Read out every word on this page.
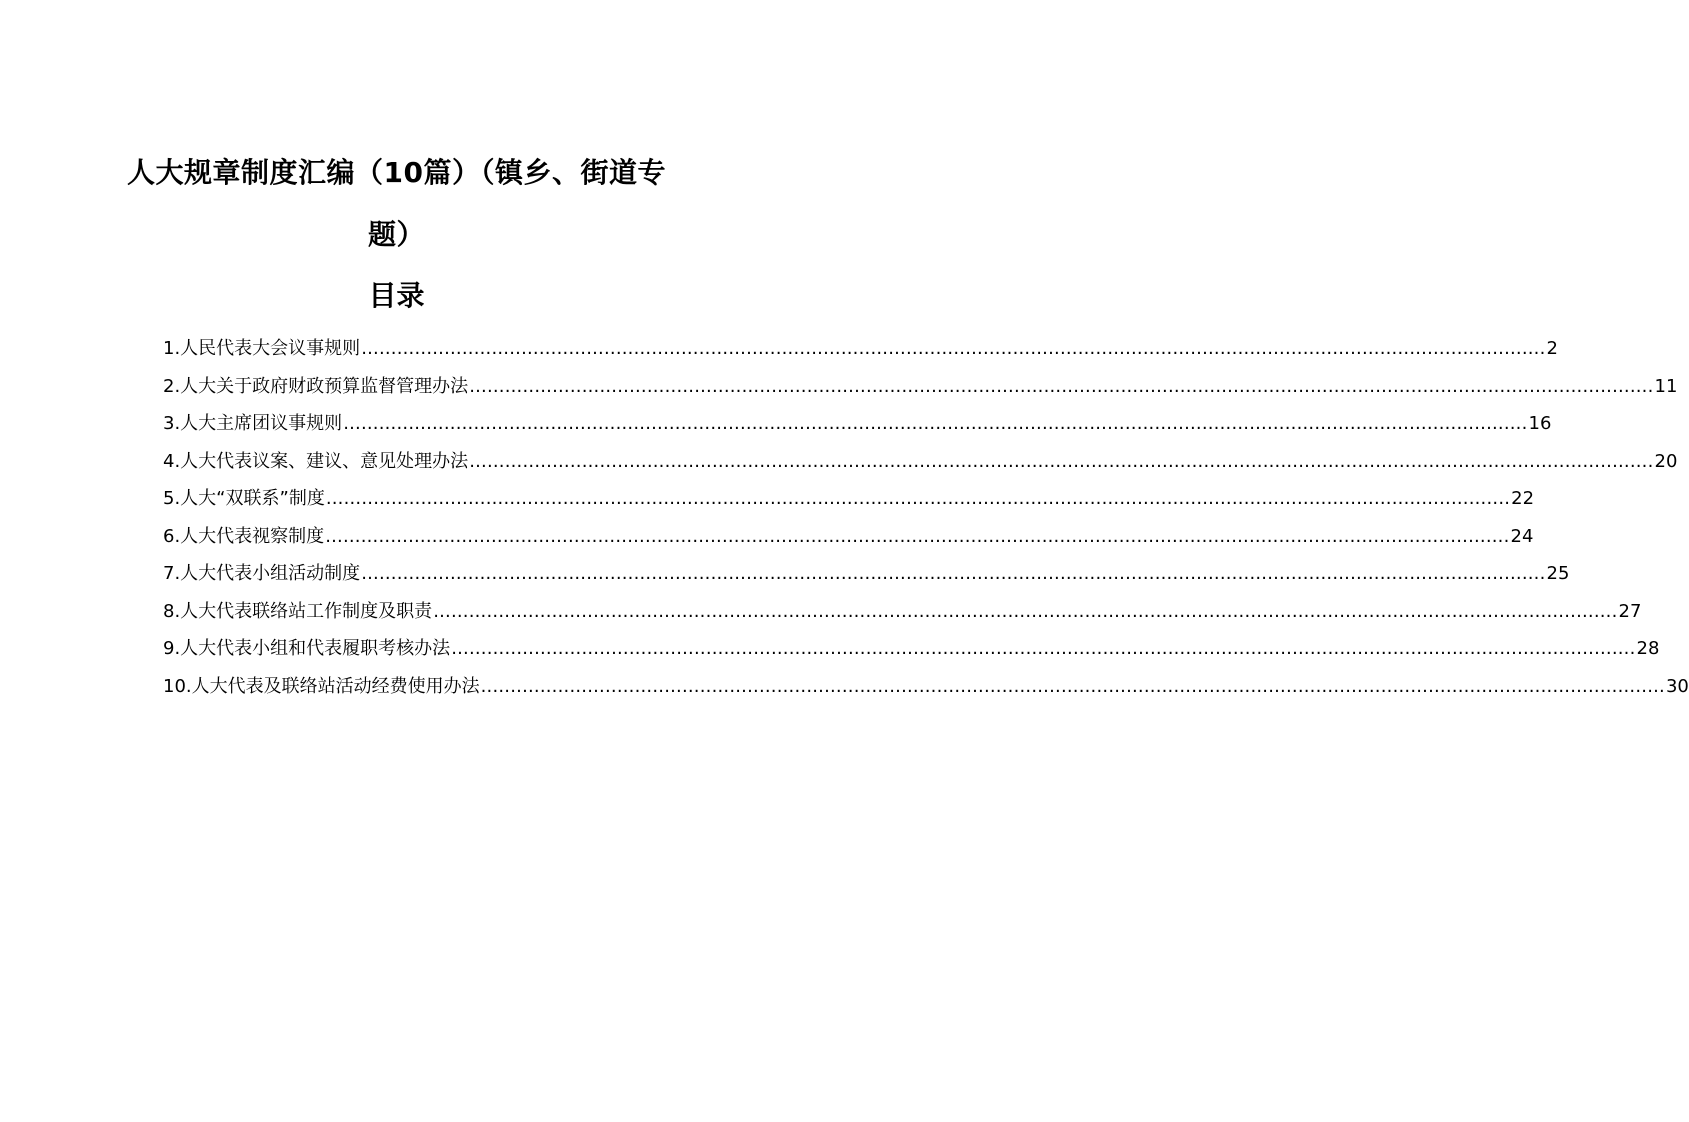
人大规章制度汇编（10篇）（镇乡、街道专题）
目录
1.人民代表大会议事规则 ........................................................................................................................................................................................................ 2
2.人大关于政府财政预算监督管理办法 ........................................................................................................................................................................................................ 11
3.人大主席团议事规则 ........................................................................................................................................................................................................ 16
4.人大代表议案、建议、意见处理办法 ........................................................................................................................................................................................................ 20
5.人大“双联系”制度 ........................................................................................................................................................................................................ 22
6.人大代表视察制度 ........................................................................................................................................................................................................ 24
7.人大代表小组活动制度 ........................................................................................................................................................................................................ 25
8.人大代表联络站工作制度及职责 ........................................................................................................................................................................................................ 27
9.人大代表小组和代表履职考核办法 ........................................................................................................................................................................................................ 28
10.人大代表及联络站活动经费使用办法 ........................................................................................................................................................................................................ 30
